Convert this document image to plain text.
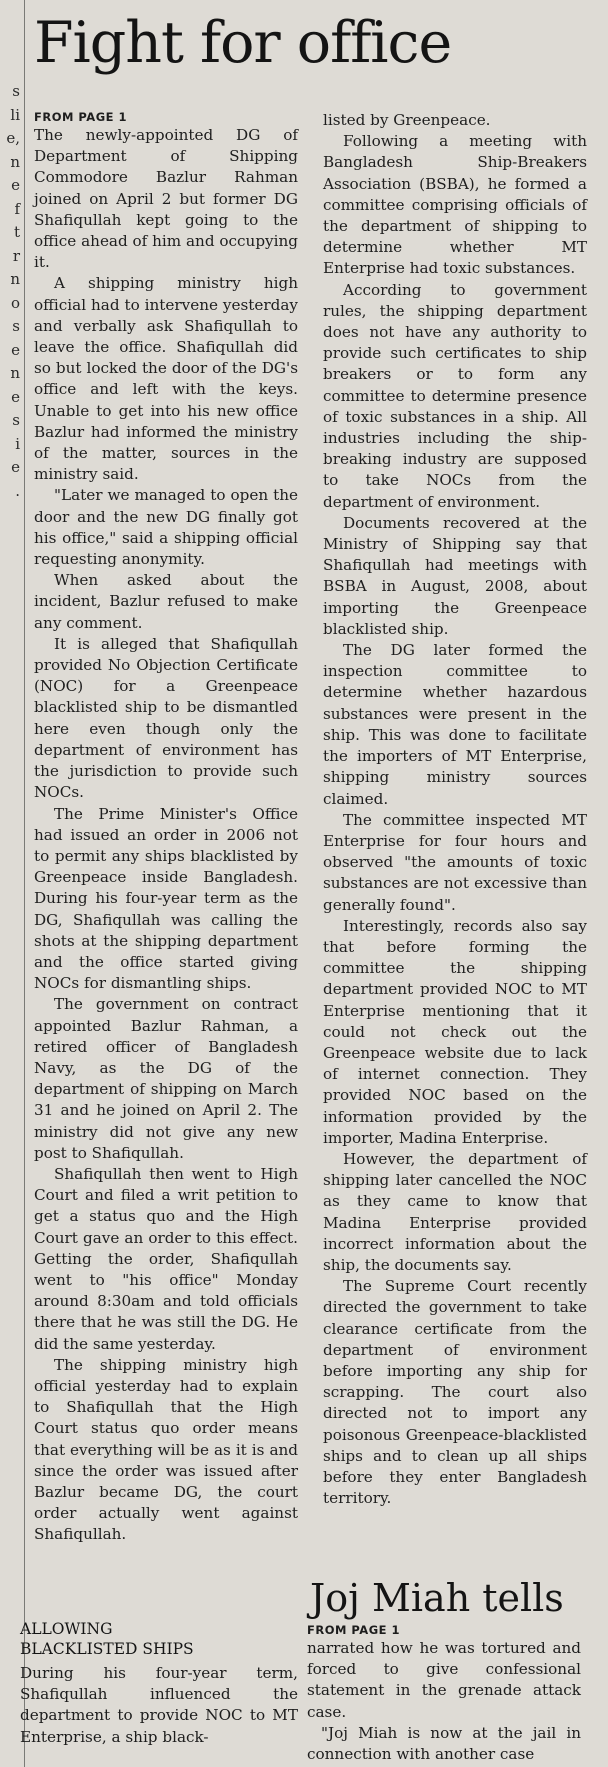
s
li
e,
n
e
f
t
r
n
o
s
e
n
e
s
i
e
.
Fight for office
FROM PAGE 1

The newly-appointed DG of Department of Shipping Commodore Bazlur Rahman joined on April 2 but former DG Shafiqullah kept going to the office ahead of him and occupying it.

A shipping ministry high official had to intervene yesterday and verbally ask Shafiqullah to leave the office. Shafiqullah did so but locked the door of the DG's office and left with the keys. Unable to get into his new office Bazlur had informed the ministry of the matter, sources in the ministry said.

"Later we managed to open the door and the new DG finally got his office," said a shipping official requesting anonymity.

When asked about the incident, Bazlur refused to make any comment.

It is alleged that Shafiqullah provided No Objection Certificate (NOC) for a Greenpeace blacklisted ship to be dismantled here even though only the department of environment has the jurisdiction to provide such NOCs.

The Prime Minister's Office had issued an order in 2006 not to permit any ships blacklisted by Greenpeace inside Bangladesh. During his four-year term as the DG, Shafiqullah was calling the shots at the shipping department and the office started giving NOCs for dismantling ships.

The government on contract appointed Bazlur Rahman, a retired officer of Bangladesh Navy, as the DG of the department of shipping on March 31 and he joined on April 2. The ministry did not give any new post to Shafiqullah.

Shafiqullah then went to High Court and filed a writ petition to get a status quo and the High Court gave an order to this effect. Getting the order, Shafiqullah went to "his office" Monday around 8:30am and told officials there that he was still the DG. He did the same yesterday.

The shipping ministry high official yesterday had to explain to Shafiqullah that the High Court status quo order means that everything will be as it is and since the order was issued after Bazlur became DG, the court order actually went against Shafiqullah.

ALLOWING
BLACKLISTED SHIPS

During his four-year term, Shafiqullah influenced the department to provide NOC to MT Enterprise, a ship black-

listed by Greenpeace.

Following a meeting with Bangladesh Ship-Breakers Association (BSBA), he formed a committee comprising officials of the department of shipping to determine whether MT Enterprise had toxic substances.

According to government rules, the shipping department does not have any authority to provide such certificates to ship breakers or to form any committee to determine presence of toxic substances in a ship. All industries including the ship-breaking industry are supposed to take NOCs from the department of environment.

Documents recovered at the Ministry of Shipping say that Shafiqullah had meetings with BSBA in August, 2008, about importing the Greenpeace blacklisted ship.

The DG later formed the inspection committee to determine whether hazardous substances were present in the ship. This was done to facilitate the importers of MT Enterprise, shipping ministry sources claimed.

The committee inspected MT Enterprise for four hours and observed "the amounts of toxic substances are not excessive than generally found".

Interestingly, records also say that before forming the committee the shipping department provided NOC to MT Enterprise mentioning that it could not check out the Greenpeace website due to lack of internet connection. They provided NOC based on the information provided by the importer, Madina Enterprise.

However, the department of shipping later cancelled the NOC as they came to know that Madina Enterprise provided incorrect information about the ship, the documents say.

The Supreme Court recently directed the government to take clearance certificate from the department of environment before importing any ship for scrapping. The court also directed not to import any poisonous Greenpeace-blacklisted ships and to clean up all ships before they enter Bangladesh territory.

Joj Miah tells
FROM PAGE 1

narrated how he was tortured and forced to give confessional statement in the grenade attack case.

"Joj Miah is now at the jail in connection with another case
